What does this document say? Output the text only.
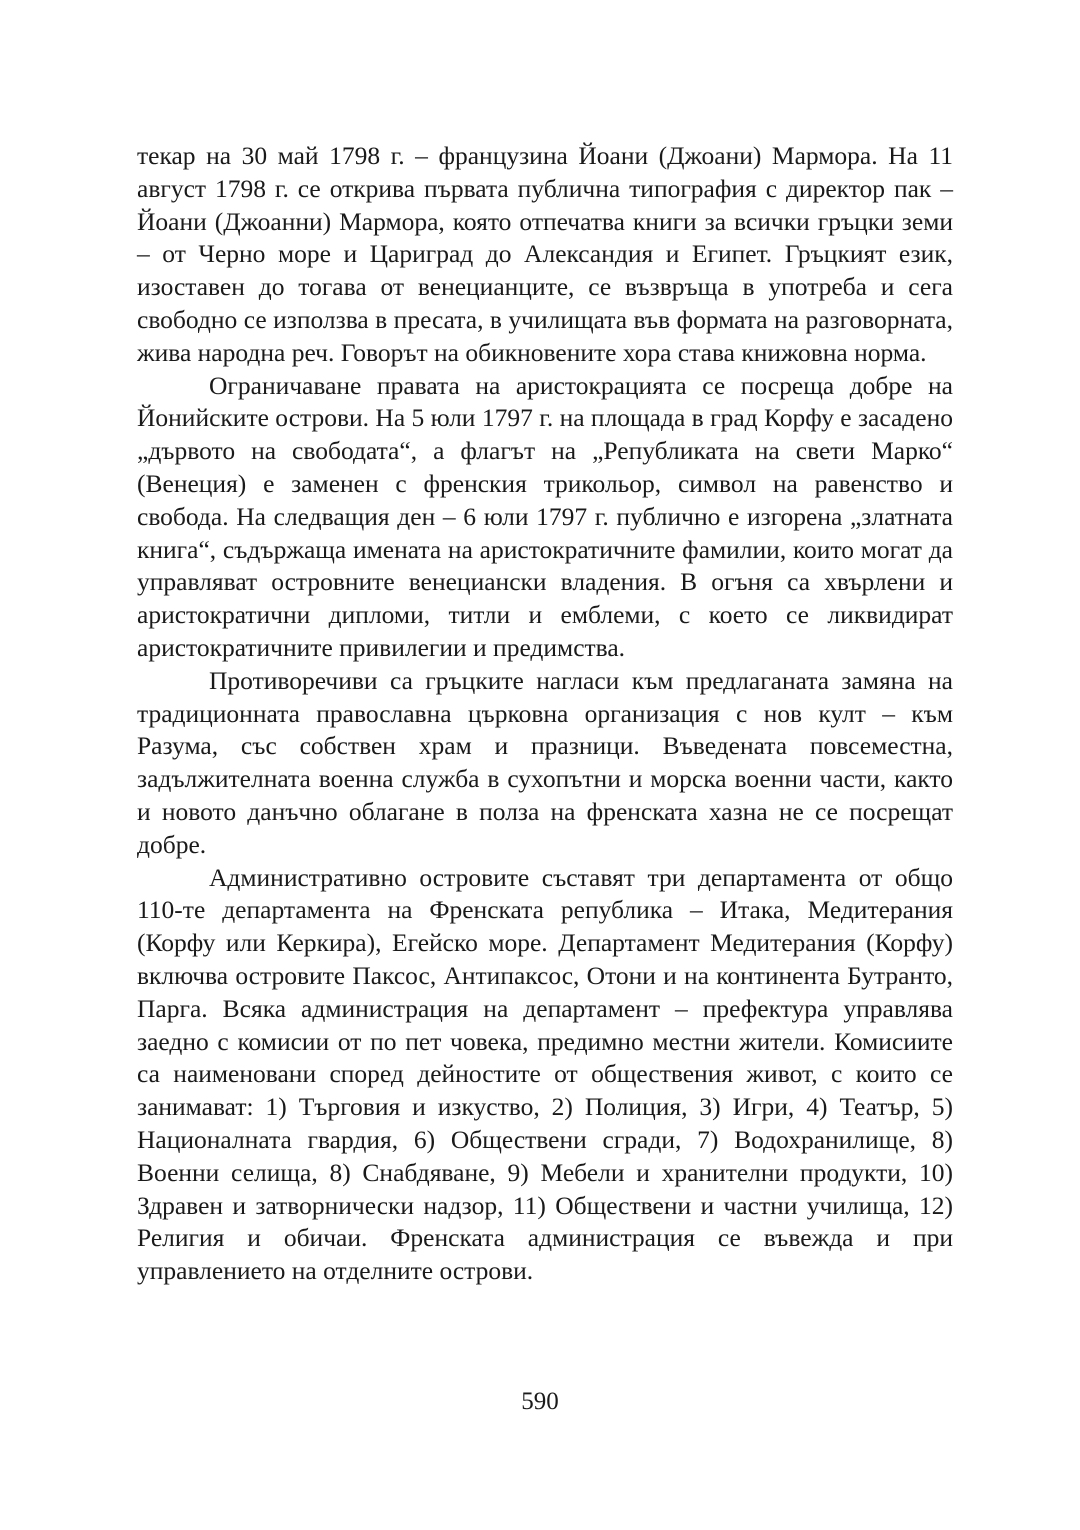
текар на 30 май 1798 г. – французина Йоани (Джоани) Мармора. На 11 август 1798 г. се открива първата публична типография с директор пак – Йоани (Джоанни) Мармора, която отпечатва книги за всички гръцки земи – от Черно море и Цариград до Александия и Египет. Гръцкият език, изоставен до тогава от венецианците, се възвръща в употреба и сега свободно се използва в пресата, в училищата във формата на разговорната, жива народна реч. Говорът на обикновените хора става книжовна норма.

Ограничаване правата на аристокрацията се посреща добре на Йонийските острови. На 5 юли 1797 г. на площада в град Корфу е засадено „дървото на свободата“, а флагът на „Републиката на свети Марко“ (Венеция) е заменен с френския трикольор, символ на равенство и свобода. На следващия ден – 6 юли 1797 г. публично е изгорена „златната книга“, съдържаща имената на аристократичните фамилии, които могат да управляват островните венециански владения. В огъня са хвърлени и аристократични дипломи, титли и емблеми, с което се ликвидират аристократичните привилегии и предимства.

Противоречиви са гръцките нагласи към предлаганата замяна на традиционната православна църковна организация с нов култ – към Разума, със собствен храм и празници. Въведената повсеместна, задължителната военна служба в сухопътни и морска военни части, както и новото данъчно облагане в полза на френската хазна не се посрещат добре.

Административно островите съставят три департамента от общо 110-те департамента на Френската република – Итака, Медитерания (Корфу или Керкира), Егейско море. Департамент Медитерания (Корфу) включва островите Паксос, Антипаксос, Отони и на континента Бутранто, Парга. Всяка администрация на департамент – префектура управлява заедно с комисии от по пет човека, предимно местни жители. Комисиите са наименовани според дейностите от обществения живот, с които се занимават: 1) Търговия и изкуство, 2) Полиция, 3) Игри, 4) Театър, 5) Националната гвардия, 6) Обществени сгради, 7) Водохранилище, 8) Военни селища, 8) Снабдяване, 9) Мебели и хранителни продукти, 10) Здравен и затворнически надзор, 11) Обществени и частни училища, 12) Религия и обичаи. Френската администрация се въвежда и при управлението на отделните острови.

590
